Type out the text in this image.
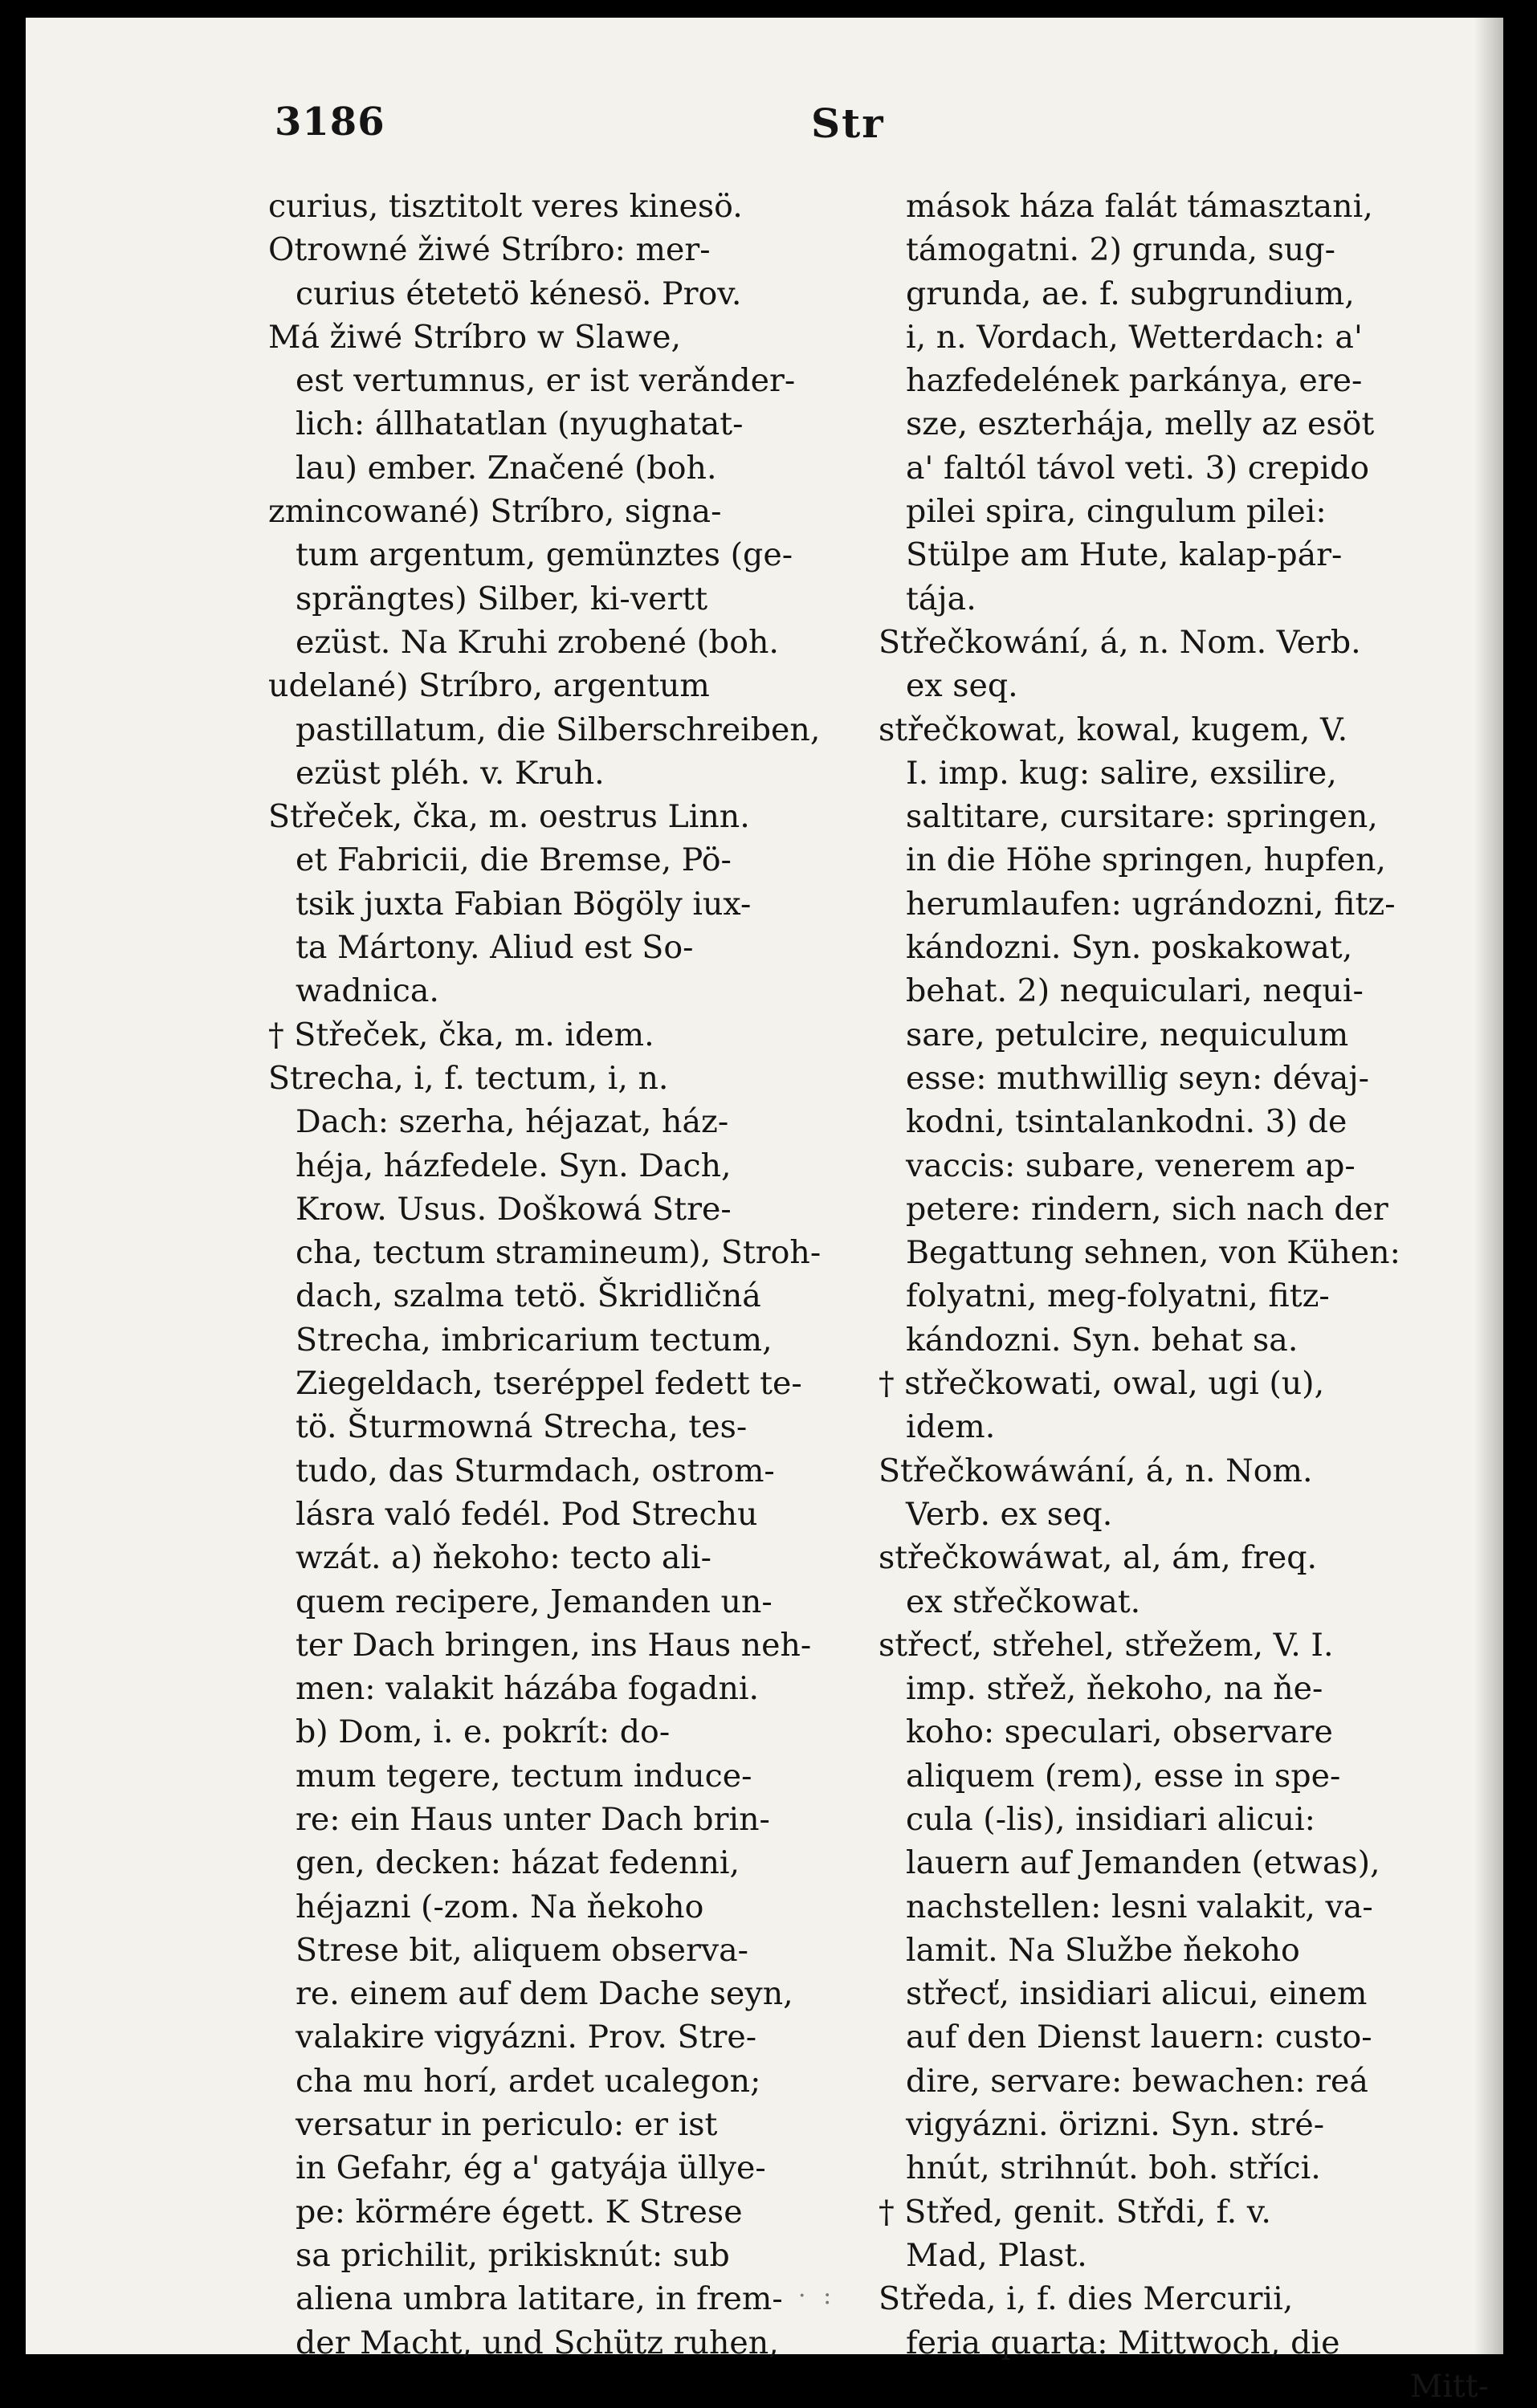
3186	Str
curius, tisztitolt veres kinesö.
Otrowné žiwé Stríbro: mer-
curius étetetö kénesö. Prov.
Má žiwé Stríbro w Slawe,
est vertumnus, er ist verǎnder-
lich: állhatatlan (nyughatat-
lau) ember. Značené (boh.
zmincowané) Stríbro, signa-
tum argentum, gemünztes (ge-
sprängtes) Silber, ki-vertt
ezüst. Na Kruhi zrobené (boh.
udelané) Stríbro, argentum
pastillatum, die Silberschreiben,
ezüst pléh. v. Kruh.
Střeček, čka, m. oestrus Linn.
et Fabricii, die Bremse, Pö-
tsik juxta Fabian Bögöly iux-
ta Mártony. Aliud est So-
wadnica.
† Střeček, čka, m. idem.
Strecha, i, f. tectum, i, n.
Dach: szerha, héjazat, ház-
héja, házfedele. Syn. Dach,
Krow. Usus. Doškowá Stre-
cha, tectum stramineum), Stroh-
dach, szalma tetö. Škridličná
Strecha, imbricarium tectum,
Ziegeldach, tseréppel fedett te-
tö. Šturmowná Strecha, tes-
tudo, das Sturmdach, ostrom-
lásra való fedél. Pod Strechu
wzát. a) ňekoho: tecto ali-
quem recipere, Jemanden un-
ter Dach bringen, ins Haus neh-
men: valakit házába fogadni.
b) Dom, i. e. pokrít: do-
mum tegere, tectum induce-
re: ein Haus unter Dach brin-
gen, decken: házat fedenni,
héjazni (-zom. Na ňekoho
Strese bit, aliquem observa-
re. einem auf dem Dache seyn,
valakire vigyázni. Prov. Stre-
cha mu horí, ardet ucalegon;
versatur in periculo: er ist
in Gefahr, ég a' gatyája üllye-
pe: körmére égett. K Strese
sa prichilit, prikisknút: sub
aliena umbra latitare, in frem-
der Macht, und Schütz ruhen,
mások háza falát támasztani,
támogatni. 2) grunda, sug-
grunda, ae. f. subgrundium,
i, n. Vordach, Wetterdach: a'
hazfedelének parkánya, ere-
sze, eszterhája, melly az esöt
a' faltól távol veti. 3) crepido
pilei spira, cingulum pilei:
Stülpe am Hute, kalap-pár-
tája.
Střečkowání, á, n. Nom. Verb.
ex seq.
střečkowat, kowal, kugem, V.
I. imp. kug: salire, exsilire,
saltitare, cursitare: springen,
in die Höhe springen, hupfen,
herumlaufen: ugrándozni, fitz-
kándozni. Syn. poskakowat,
behat. 2) nequiculari, nequi-
sare, petulcire, nequiculum
esse: muthwillig seyn: dévaj-
kodni, tsintalankodni. 3) de
vaccis: subare, venerem ap-
petere: rindern, sich nach der
Begattung sehnen, von Kühen:
folyatni, meg-folyatni, fitz-
kándozni. Syn. behat sa.
† střečkowati, owal, ugi (u),
idem.
Střečkowáwání, á, n. Nom.
Verb. ex seq.
střečkowáwat, al, ám, freq.
ex střečkowat.
střecť, střehel, střežem, V. I.
imp. střež, ňekoho, na ňe-
koho: speculari, observare
aliquem (rem), esse in spe-
cula (-lis), insidiari alicui:
lauern auf Jemanden (etwas),
nachstellen: lesni valakit, va-
lamit. Na Službe ňekoho
střecť, insidiari alicui, einem
auf den Dienst lauern: custo-
dire, servare: bewachen: reá
vigyázni. örizni. Syn. stré-
hnút, strihnút. boh. stříci.
† Střed, genit. Střdi, f. v.
Mad, Plast.
Středa, i, f. dies Mercurii,
feria quarta: Mittwoch, die
Mitt-
· :
